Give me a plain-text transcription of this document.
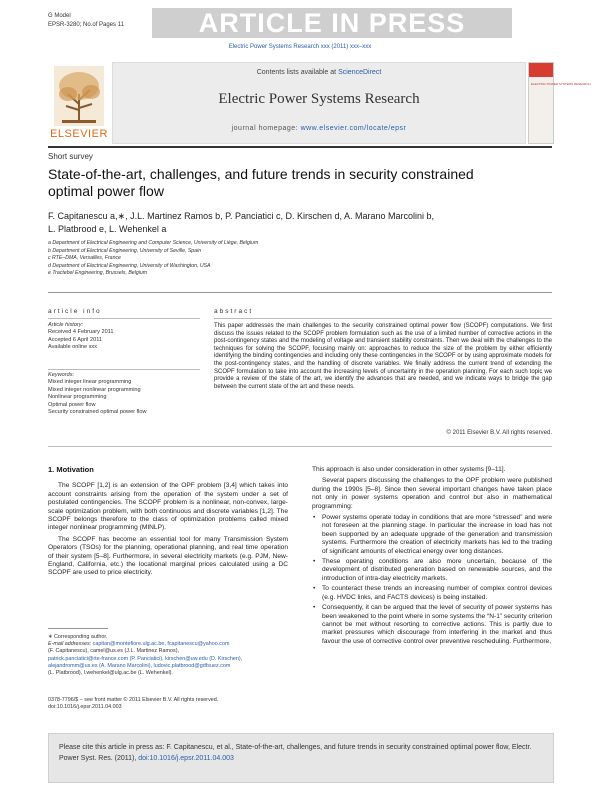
G Model
EPSR-3280; No.of Pages 11	ARTICLE IN PRESS
Electric Power Systems Research xxx (2011) xxx–xxx
ELSEVIER
Contents lists available at ScienceDirect
Electric Power Systems Research
journal homepage: www.elsevier.com/locate/epsr
ELECTRIC POWER SYSTEMS RESEARCH
Short survey
State-of-the-art, challenges, and future trends in security constrained optimal power flow
F. Capitanescu a,∗, J.L. Martinez Ramos b, P. Panciatici c, D. Kirschen d, A. Marano Marcolini b,
L. Platbrood e, L. Wehenkel a
a Department of Electrical Engineering and Computer Science, University of Liège, Belgium
b Department of Electrical Engineering, University of Seville, Spain
c RTE–DMA, Versailles, France
d Department of Electrical Engineering, University of Washington, USA
e Tractebel Engineering, Brussels, Belgium
article info
Article history:
Received 4 February 2011
Accepted 6 April 2011
Available online xxx
Keywords:
Mixed integer linear programming
Mixed integer nonlinear programming
Nonlinear programming
Optimal power flow
Security constrained optimal power flow
abstract
This paper addresses the main challenges to the security constrained optimal power flow (SCOPF) computations. We first discuss the issues related to the SCOPF problem formulation such as the use of a limited number of corrective actions in the post-contingency states and the modeling of voltage and transient stability constraints. Then we deal with the challenges to the techniques for solving the SCOPF, focusing mainly on: approaches to reduce the size of the problem by either efficiently identifying the binding contingencies and including only these contingencies in the SCOPF or by using approximate models for the post-contingency states, and the handling of discrete variables. We finally address the current trend of extending the SCOPF formulation to take into account the increasing levels of uncertainty in the operation planning. For each such topic we provide a review of the state of the art, we identify the advances that are needed, and we indicate ways to bridge the gap between the current state of the art and these needs.
© 2011 Elsevier B.V. All rights reserved.
1. Motivation

The SCOPF [1,2] is an extension of the OPF problem [3,4] which takes into account constraints arising from the operation of the system under a set of postulated contingencies. The SCOPF problem is a nonlinear, non-convex, large-scale optimization problem, with both continuous and discrete variables [1,2]. The SCOPF belongs therefore to the class of optimization problems called mixed integer nonlinear programming (MINLP).

The SCOPF has become an essential tool for many Transmission System Operators (TSOs) for the planning, operational planning, and real time operation of their system [5–8]. Furthermore, in several electricity markets (e.g. PJM, New-England, California, etc.) the locational marginal prices calculated using a DC SCOPF are used to price electricity.

∗ Corresponding author.
E-mail addresses: capitan@montefiore.ulg.ac.be, fcapitanescu@yahoo.com
(F. Capitanescu), camel@us.es (J.L. Martinez Ramos),
patrick.panciatici@rte-france.com (P. Panciatici), kirschen@uw.edu (D. Kirschen),
alejandromm@us.es (A. Marano Marcolini), ludovic.platbrood@gdfsuez.com
(L. Platbrood), l.wehenkel@ulg.ac.be (L. Wehenkel).
0378-7796/$ – see front matter © 2011 Elsevier B.V. All rights reserved.
doi:10.1016/j.epsr.2011.04.003

This approach is also under consideration in other systems [9–11].

Several papers discussing the challenges to the OPF problem were published during the 1990s [5–8]. Since then several important changes have taken place not only in power systems operation and control but also in mathematical programming:

• Power systems operate today in conditions that are more “stressed” and were not foreseen at the planning stage. In particular the increase in load has not been supported by an adequate upgrade of the generation and transmission systems. Furthermore the creation of electricity markets has led to the trading of significant amounts of electrical energy over long distances.
• These operating conditions are also more uncertain, because of the development of distributed generation based on renewable sources, and the introduction of intra-day electricity markets.
• To counteract these trends an increasing number of complex control devices (e.g. HVDC links, and FACTS devices) is being installed.
• Consequently, it can be argued that the level of security of power systems has been weakened to the point where in some systems the “N-1” security criterion cannot be met without resorting to corrective actions. This is partly due to market pressures which discourage from interfering in the market and thus favour the use of corrective control over preventive rescheduling. Furthermore,
Please cite this article in press as: F. Capitanescu, et al., State-of-the-art, challenges, and future trends in security constrained optimal power flow, Electr. Power Syst. Res. (2011), doi:10.1016/j.epsr.2011.04.003
